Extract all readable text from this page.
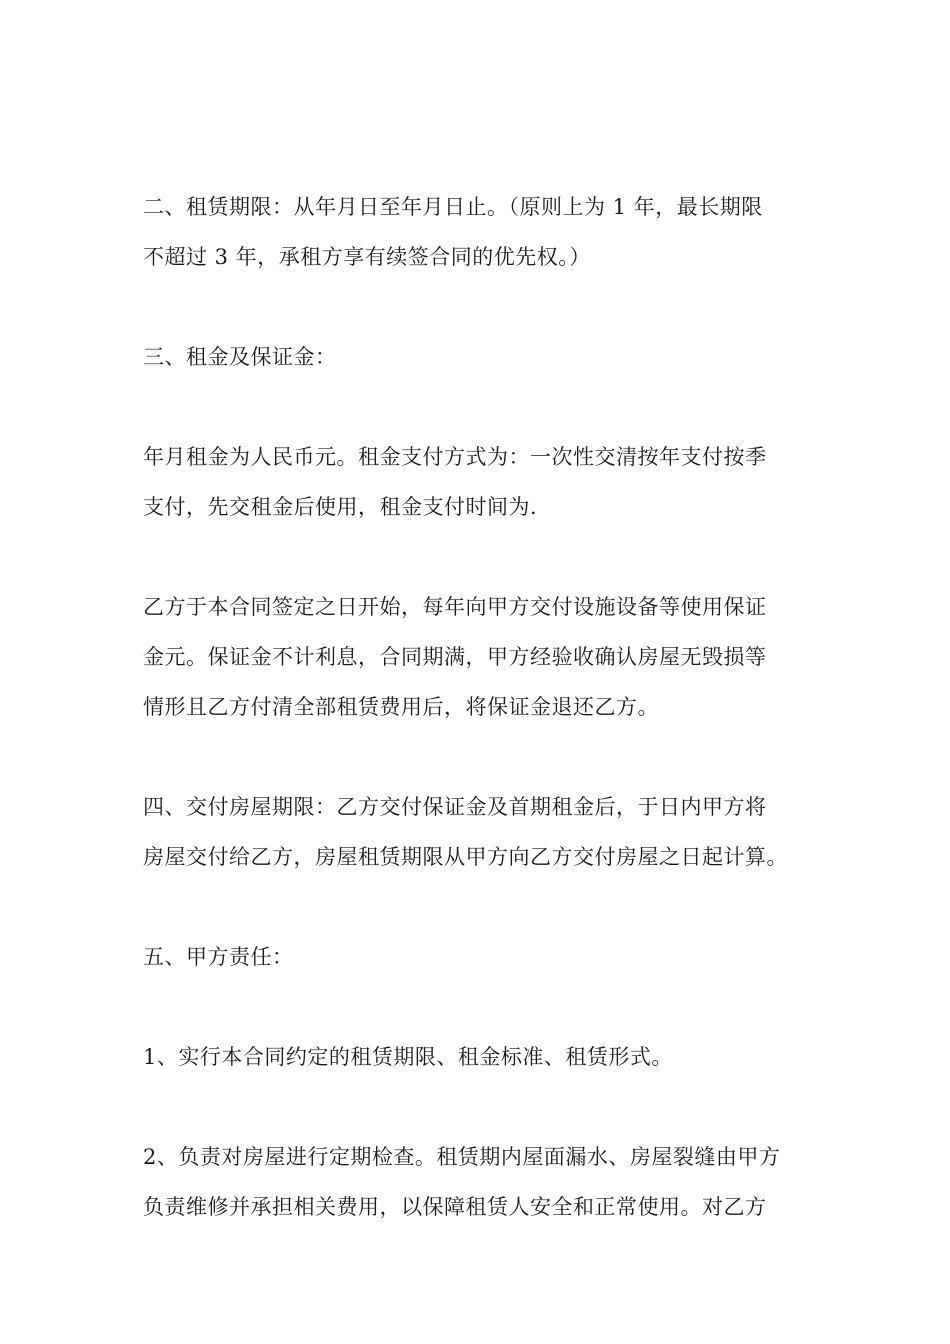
二、租赁期限：从年月日至年月日止。（原则上为 1 年，最长期限
不超过 3 年，承租方享有续签合同的优先权。）

三、租金及保证金：

年月租金为人民币元。租金支付方式为：一次性交清按年支付按季
支付，先交租金后使用，租金支付时间为.

乙方于本合同签定之日开始，每年向甲方交付设施设备等使用保证
金元。保证金不计利息，合同期满，甲方经验收确认房屋无毁损等
情形且乙方付清全部租赁费用后，将保证金退还乙方。

四、交付房屋期限：乙方交付保证金及首期租金后，于日内甲方将
房屋交付给乙方，房屋租赁期限从甲方向乙方交付房屋之日起计算。

五、甲方责任：

1、实行本合同约定的租赁期限、租金标准、租赁形式。

2、负责对房屋进行定期检查。租赁期内屋面漏水、房屋裂缝由甲方
负责维修并承担相关费用，以保障租赁人安全和正常使用。对乙方
